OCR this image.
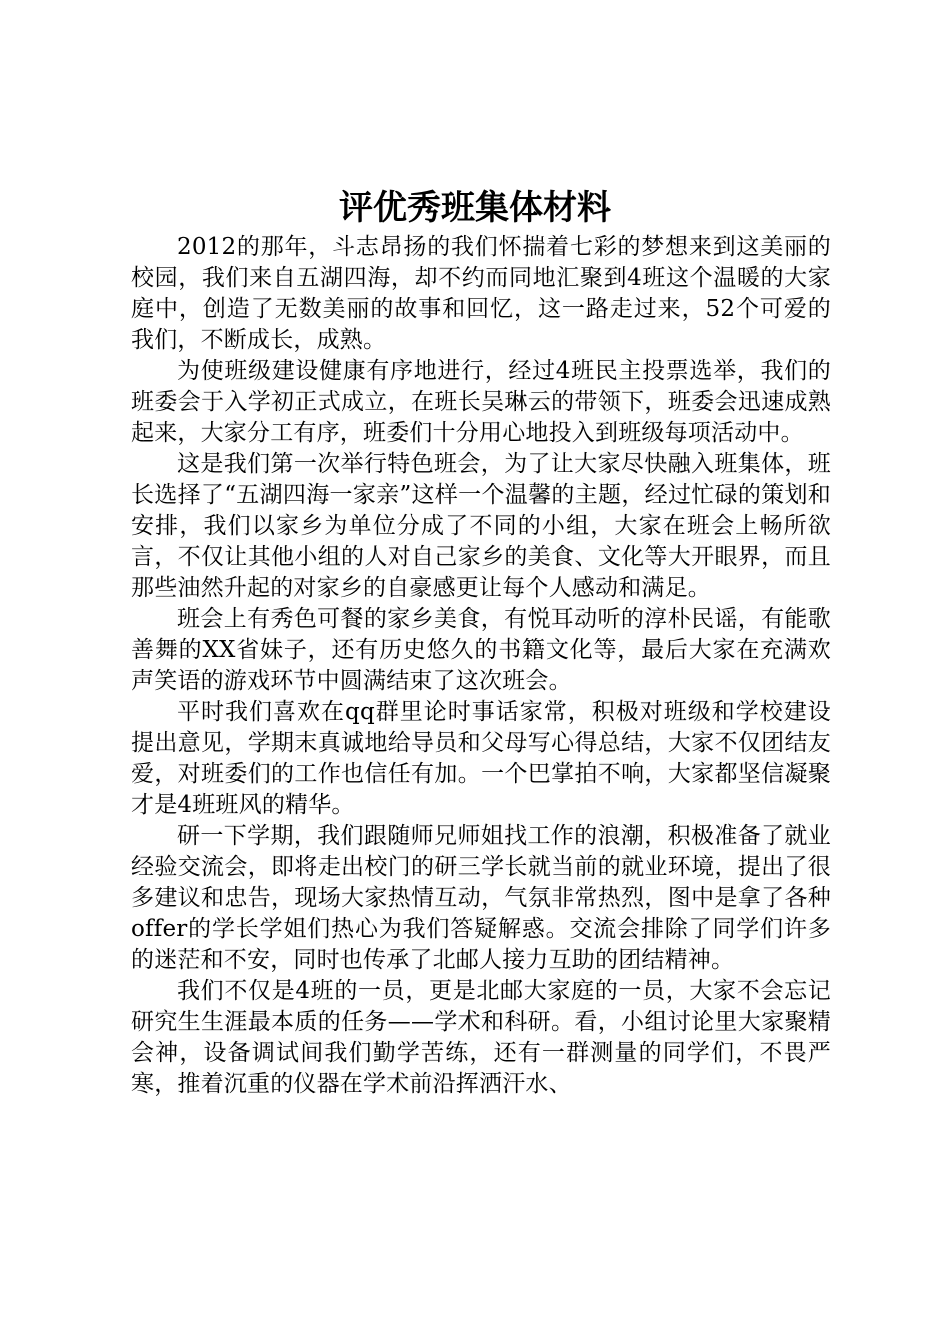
评优秀班集体材料

2012的那年，斗志昂扬的我们怀揣着七彩的梦想来到这美丽的校园，我们来自五湖四海，却不约而同地汇聚到4班这个温暖的大家庭中，创造了无数美丽的故事和回忆，这一路走过来，52个可爱的我们，不断成长，成熟。

为使班级建设健康有序地进行，经过4班民主投票选举，我们的班委会于入学初正式成立，在班长吴琳云的带领下，班委会迅速成熟起来，大家分工有序，班委们十分用心地投入到班级每项活动中。

这是我们第一次举行特色班会，为了让大家尽快融入班集体，班长选择了“五湖四海一家亲”这样一个温馨的主题，经过忙碌的策划和安排，我们以家乡为单位分成了不同的小组，大家在班会上畅所欲言，不仅让其他小组的人对自己家乡的美食、文化等大开眼界，而且那些油然升起的对家乡的自豪感更让每个人感动和满足。

班会上有秀色可餐的家乡美食，有悦耳动听的淳朴民谣，有能歌善舞的XX省妹子，还有历史悠久的书籍文化等，最后大家在充满欢声笑语的游戏环节中圆满结束了这次班会。

平时我们喜欢在qq群里论时事话家常，积极对班级和学校建设提出意见，学期末真诚地给导员和父母写心得总结，大家不仅团结友爱，对班委们的工作也信任有加。一个巴掌拍不响，大家都坚信凝聚才是4班班风的精华。

研一下学期，我们跟随师兄师姐找工作的浪潮，积极准备了就业经验交流会，即将走出校门的研三学长就当前的就业环境，提出了很多建议和忠告，现场大家热情互动，气氛非常热烈，图中是拿了各种offer的学长学姐们热心为我们答疑解惑。交流会排除了同学们许多的迷茫和不安，同时也传承了北邮人接力互助的团结精神。

我们不仅是4班的一员，更是北邮大家庭的一员，大家不会忘记研究生生涯最本质的任务——学术和科研。看，小组讨论里大家聚精会神，设备调试间我们勤学苦练，还有一群测量的同学们，不畏严寒，推着沉重的仪器在学术前沿挥洒汗水、
